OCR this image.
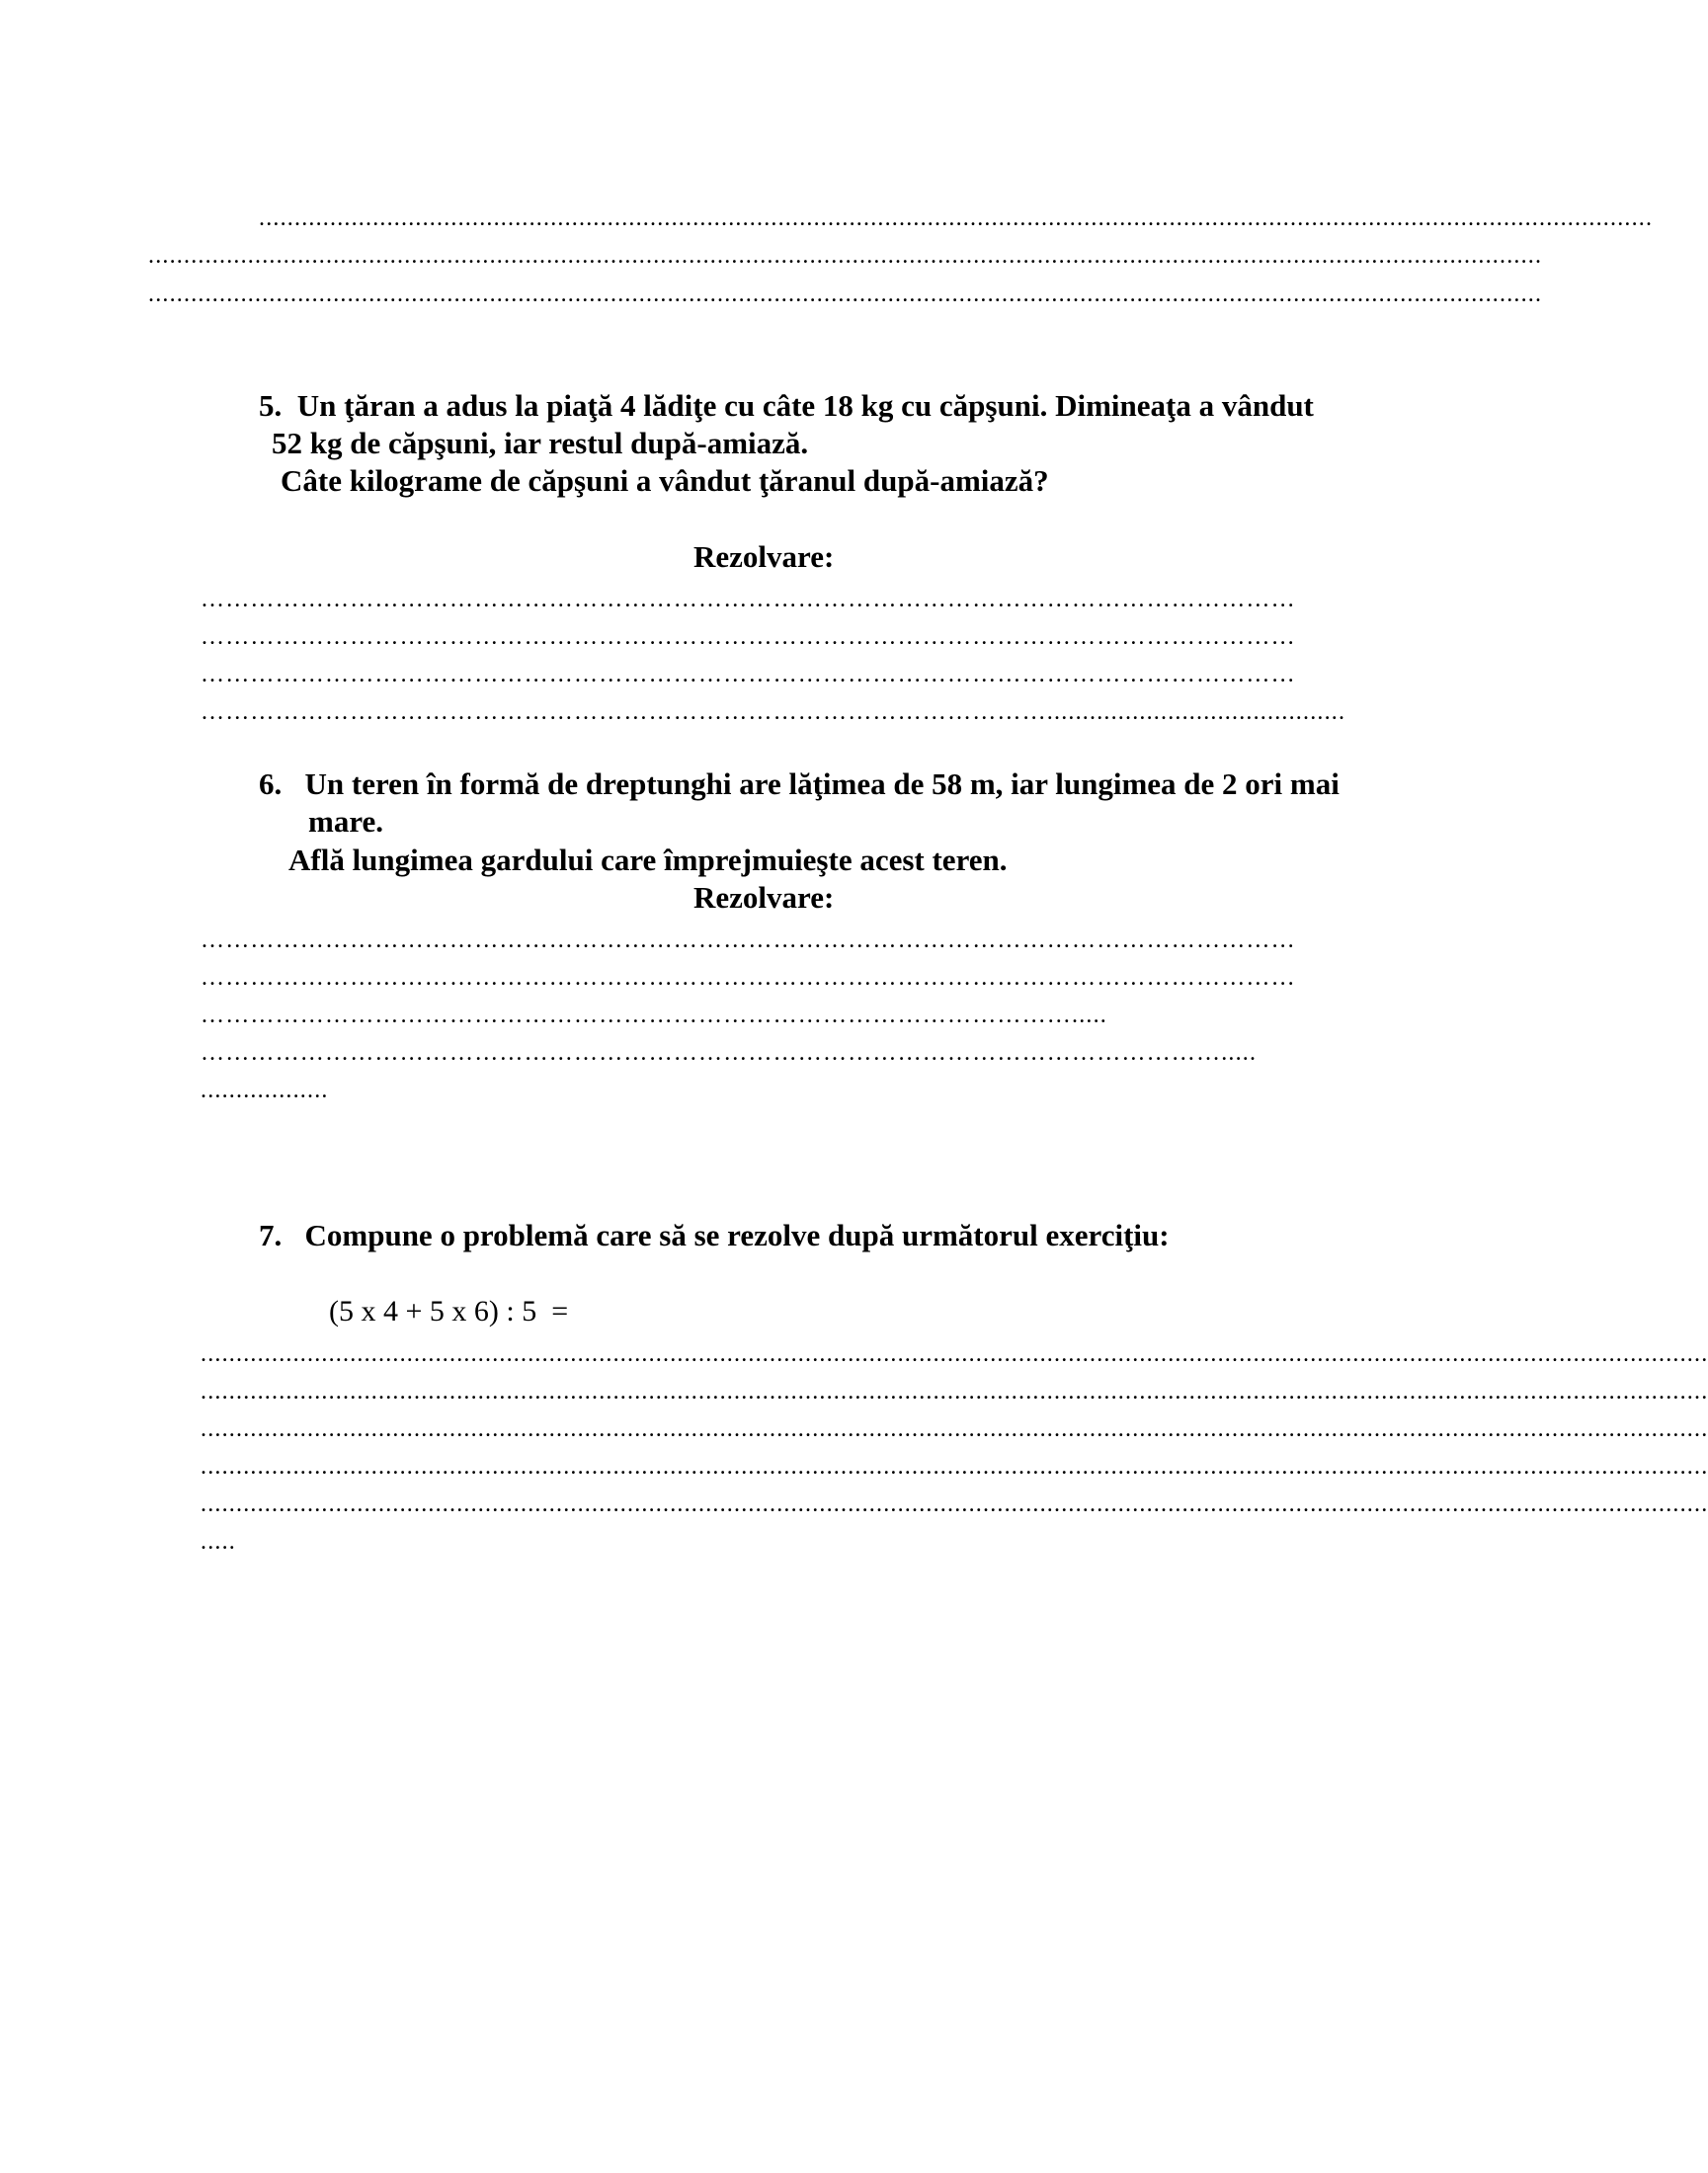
....................................................................................................................................................................................................
....................................................................................................................................................................................................
....................................................................................................................................................................................................
5.  Un ţăran a adus la piaţă 4 lădiţe cu câte 18 kg cu căpşuni. Dimineaţa a vândut
52 kg de căpşuni, iar restul după-amiază.
Câte kilograme de căpşuni a vândut ţăranul după-amiază?
Rezolvare:
……………………………………………………………………………………………………………………
……………………………………………………………………………………………………………………
……………………………………………………………………………………………………………………
…………………………………………………………………………………………..........................................
6.   Un teren în formă de dreptunghi are lăţimea de 58 m, iar lungimea de 2 ori mai
mare.
Află lungimea gardului care împrejmuieşte acest teren.
Rezolvare:
……………………………………………………………………………………………………………………
……………………………………………………………………………………………………………………
…………………………………………………………………………………………….....
…………………………………………………………………………………………………………….....
..................
7.   Compune o problemă care să se rezolve după următorul exerciţiu:
(5 x 4 + 5 x 6) : 5  =
....................................................................................................................................................................................................................
....................................................................................................................................................................................................................
....................................................................................................................................................................................................................
....................................................................................................................................................................................................................
....................................................................................................................................................................................................................
.....
